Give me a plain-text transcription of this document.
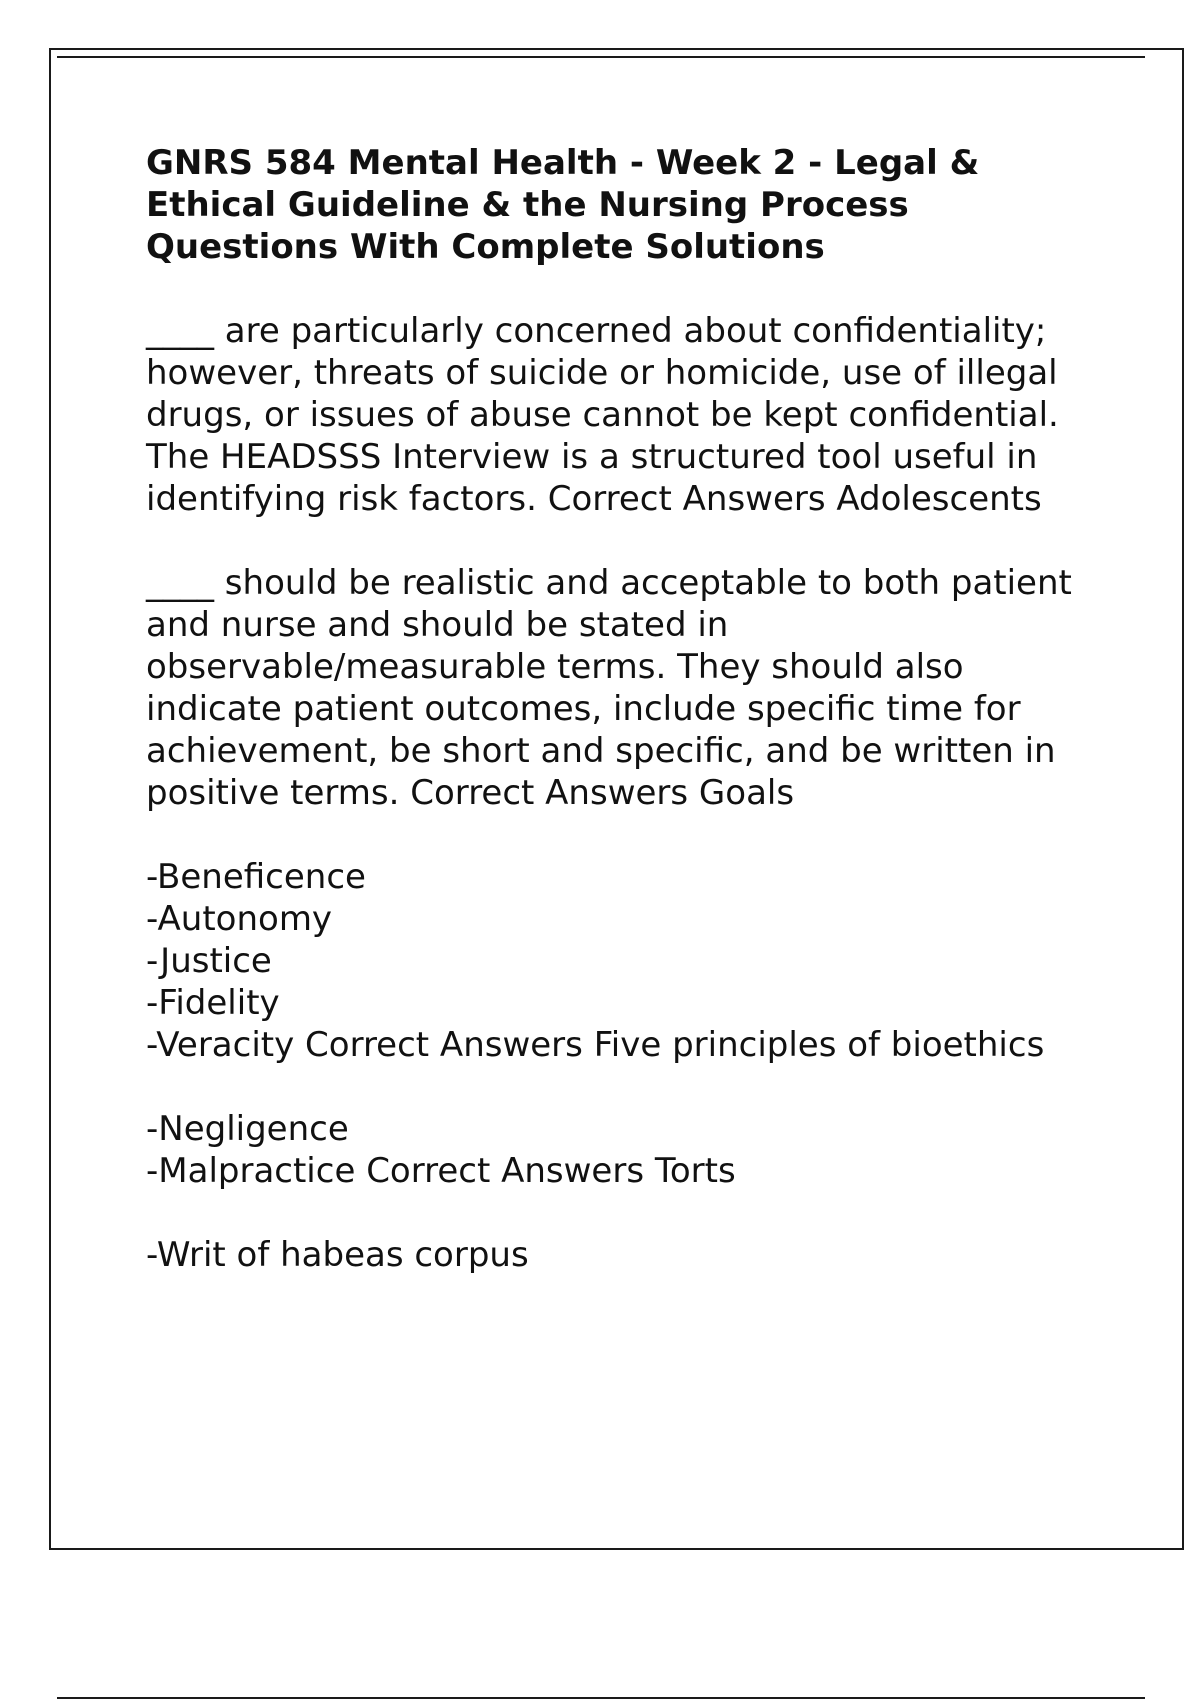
GNRS 584 Mental Health - Week 2 - Legal & Ethical Guideline & the Nursing Process Questions With Complete Solutions
____ are particularly concerned about confidentiality; however, threats of suicide or homicide, use of illegal drugs, or issues of abuse cannot be kept confidential. The HEADSSS Interview is a structured tool useful in identifying risk factors. Correct Answers Adolescents
____ should be realistic and acceptable to both patient and nurse and should be stated in observable/measurable terms. They should also indicate patient outcomes, include specific time for achievement, be short and specific, and be written in positive terms. Correct Answers Goals
-Beneficence
-Autonomy
-Justice
-Fidelity
-Veracity Correct Answers Five principles of bioethics
-Negligence
-Malpractice Correct Answers Torts
-Writ of habeas corpus
